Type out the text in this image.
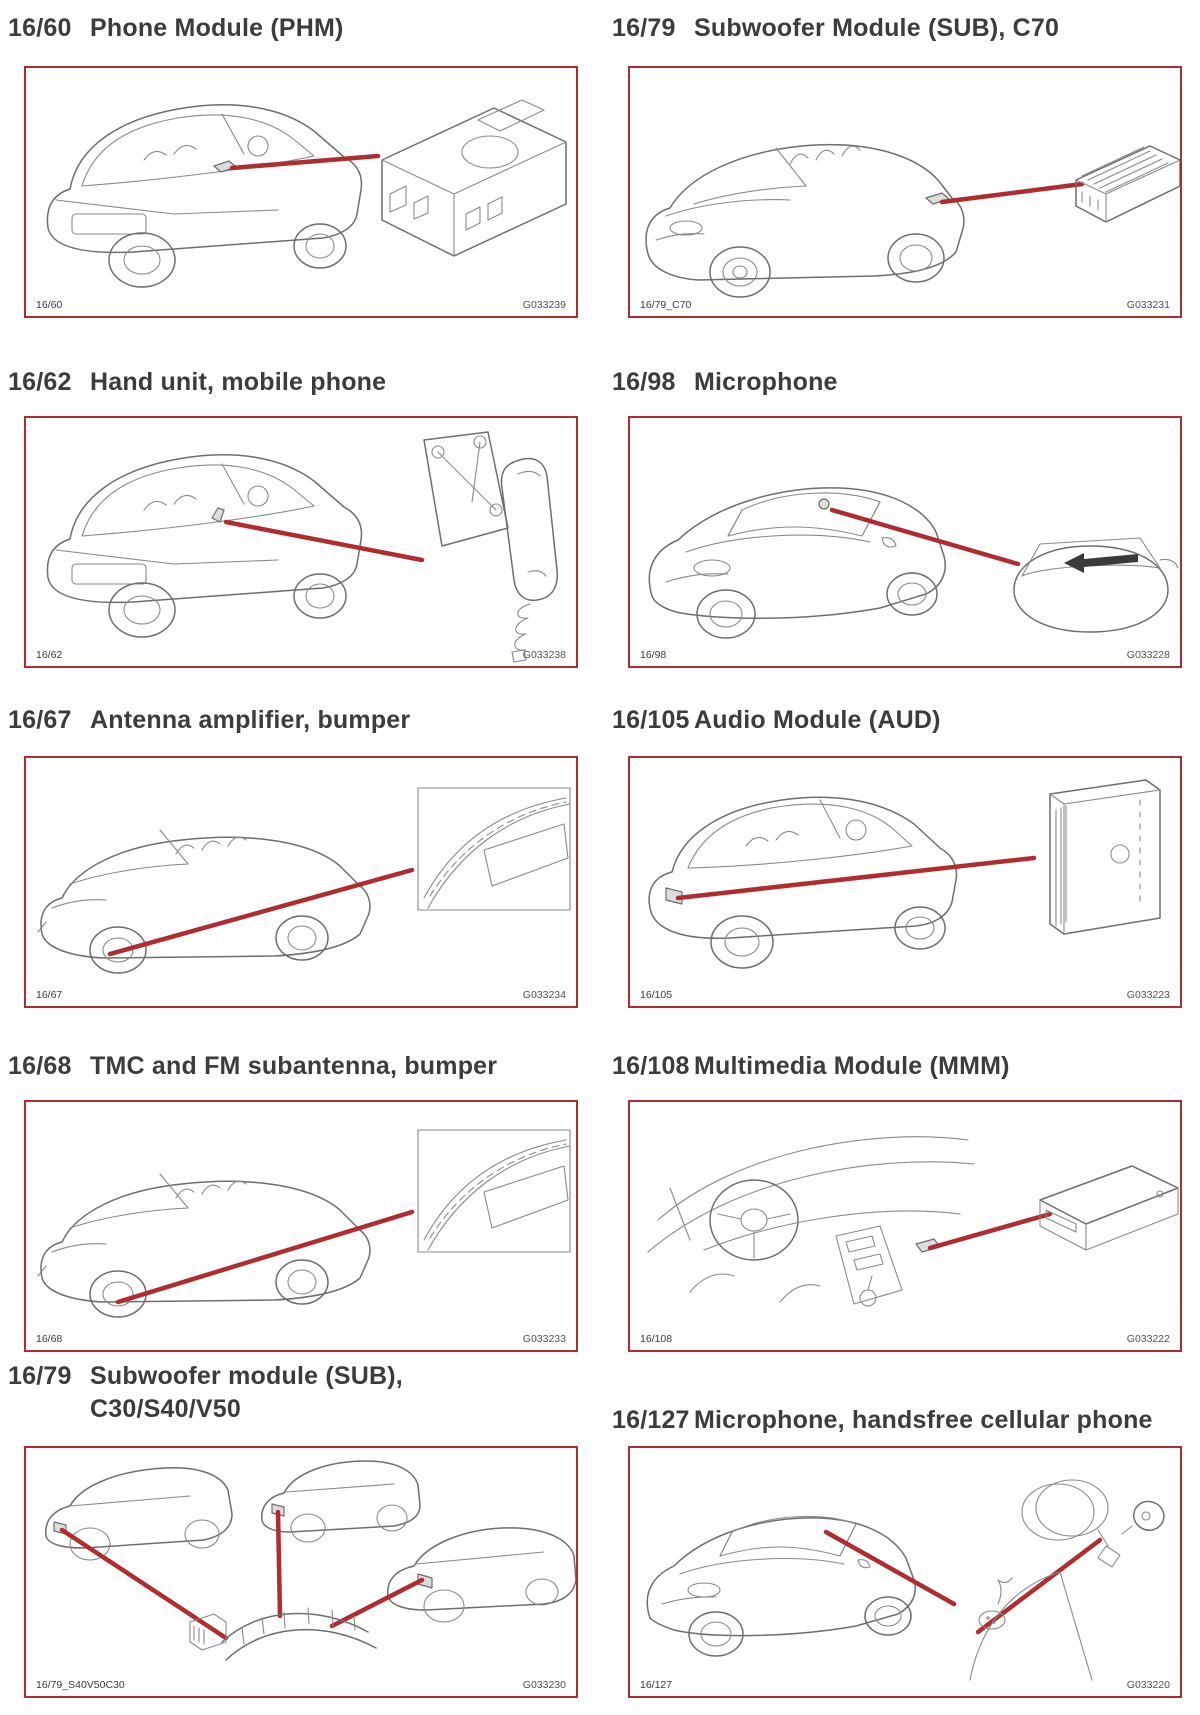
16/60 Phone Module (PHM)
16/60	G033239
16/79 Subwoofer Module (SUB), C70
16/79_C70	G033231
16/62 Hand unit, mobile phone
16/62	G033238
16/98 Microphone
16/98	G033228
16/67 Antenna amplifier, bumper
16/67	G033234
16/105 Audio Module (AUD)
16/105	G033223
16/68 TMC and FM subantenna, bumper
16/68	G033233
16/108 Multimedia Module (MMM)
16/108	G033222
16/79 Subwoofer module (SUB),
C30/S40/V50
16/79_S40V50C30	G033230
16/127 Microphone, handsfree cellular phone
16/127	G033220
